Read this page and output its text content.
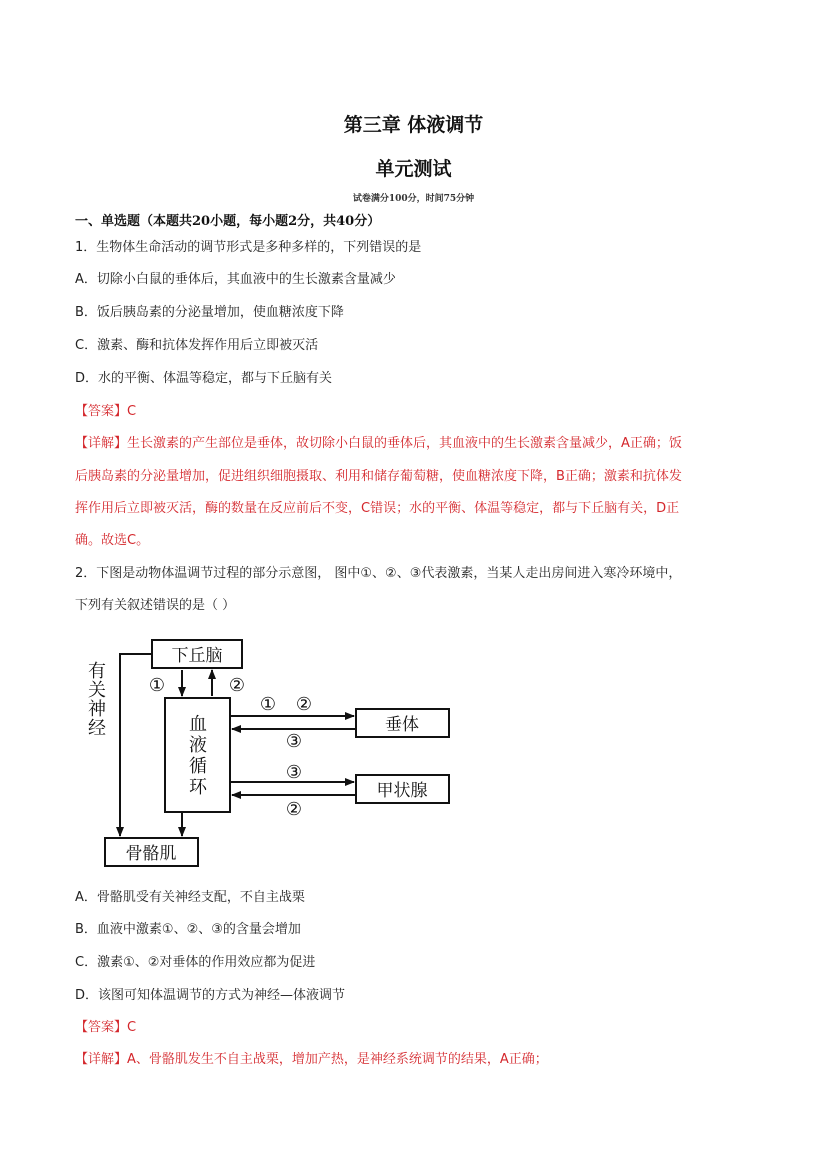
第三章 体液调节
单元测试
试卷满分100分，时间75分钟
一、单选题（本题共20小题，每小题2分，共40分）
1．生物体生命活动的调节形式是多种多样的，下列错误的是
A．切除小白鼠的垂体后，其血液中的生长激素含量减少
B．饭后胰岛素的分泌量增加，使血糖浓度下降
C．激素、酶和抗体发挥作用后立即被灭活
D．水的平衡、体温等稳定，都与下丘脑有关
【答案】C
【详解】生长激素的产生部位是垂体，故切除小白鼠的垂体后，其血液中的生长激素含量减少，A正确；饭
后胰岛素的分泌量增加，促进组织细胞摄取、利用和储存葡萄糖，使血糖浓度下降，B正确；激素和抗体发
挥作用后立即被灭活，酶的数量在反应前后不变，C错误；水的平衡、体温等稳定，都与下丘脑有关，D正
确。故选C。
2．下图是动物体温调节过程的部分示意图， 图中①、②、③代表激素，当某人走出房间进入寒冷环境中，
下列有关叙述错误的是（ ）
下丘脑
血
液
循
环
垂体
甲状腺
骨骼肌
有
关
神
经
①	②
① ②
③
③
②
A．骨骼肌受有关神经支配，不自主战栗
B．血液中激素①、②、③的含量会增加
C．激素①、②对垂体的作用效应都为促进
D．该图可知体温调节的方式为神经—体液调节
【答案】C
【详解】A、骨骼肌发生不自主战栗，增加产热，是神经系统调节的结果，A正确；
